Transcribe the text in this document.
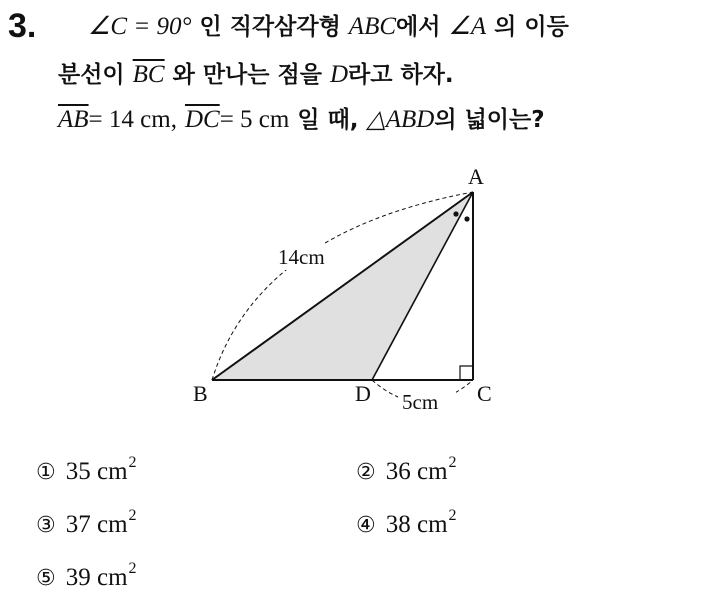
3. ∠C = 90° 인 직각삼각형 ABC에서 ∠A 의 이등
분선이 $\overline{BC}$ 와 만나는 점을 D라고 하자.
$\overline{AB}= 14$ cm, $\overline{DC}= 5$ cm 일 때, △ABD의 넓이는?
A
B	C
D
14cm
5cm
① 35 $cm^2$	② 36 $cm^2$
③ 37 $cm^2$	④ 38 $cm^2$
⑤ 39 $cm^2$
